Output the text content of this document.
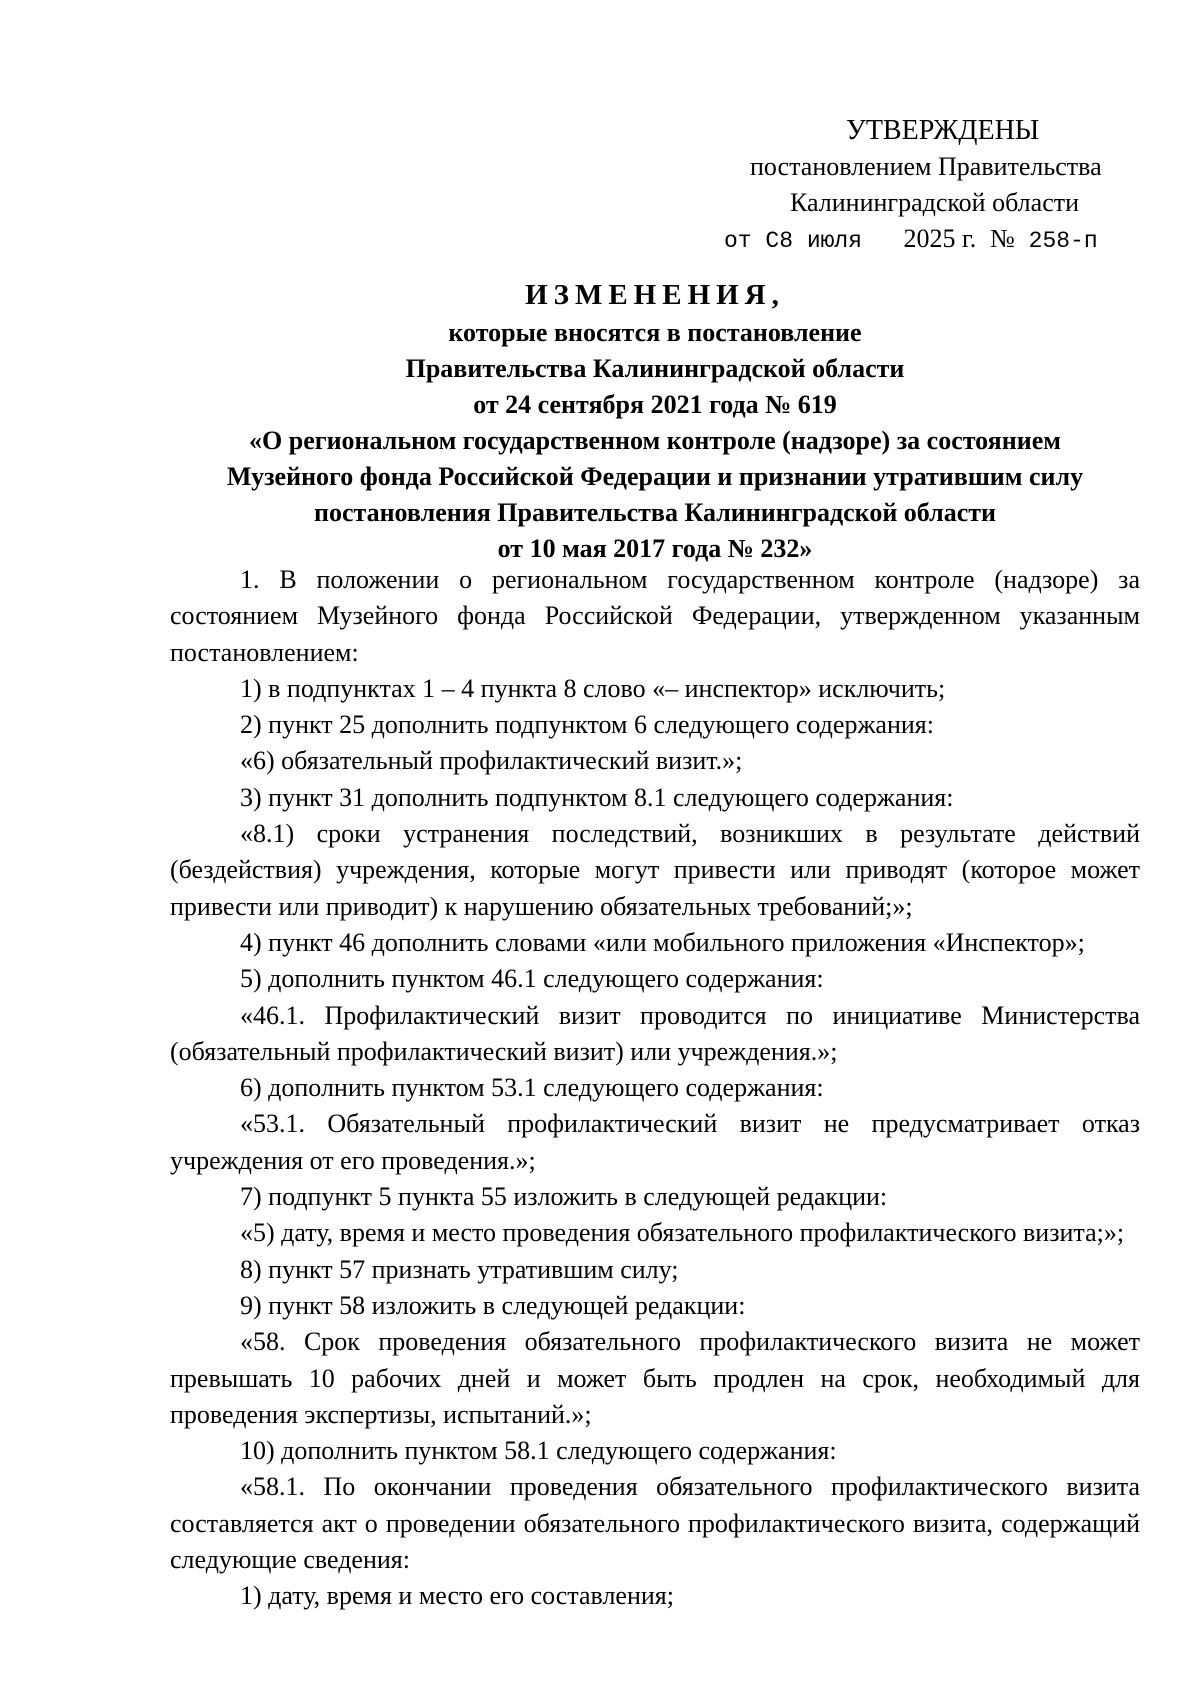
УТВЕРЖДЕНЫ
постановлением Правительства
Калининградской области
от С8 июля 2025 г. № 258-п
ИЗМЕНЕНИЯ,
которые вносятся в постановление
Правительства Калининградской области
от 24 сентября 2021 года № 619
«О региональном государственном контроле (надзоре) за состоянием
Музейного фонда Российской Федерации и признании утратившим силу
постановления Правительства Калининградской области
от 10 мая 2017 года № 232»

1. В положении о региональном государственном контроле (надзоре) за состоянием Музейного фонда Российской Федерации, утвержденном указанным постановлением:

1) в подпунктах 1 – 4 пункта 8 слово «– инспектор» исключить;

2) пункт 25 дополнить подпунктом 6 следующего содержания:

«6) обязательный профилактический визит.»;

3) пункт 31 дополнить подпунктом 8.1 следующего содержания:

«8.1) сроки устранения последствий, возникших в результате действий (бездействия) учреждения, которые могут привести или приводят (которое может привести или приводит) к нарушению обязательных требований;»;

4) пункт 46 дополнить словами «или мобильного приложения «Инспектор»;

5) дополнить пунктом 46.1 следующего содержания:

«46.1. Профилактический визит проводится по инициативе Министерства (обязательный профилактический визит) или учреждения.»;

6) дополнить пунктом 53.1 следующего содержания:

«53.1. Обязательный профилактический визит не предусматривает отказ учреждения от его проведения.»;

7) подпункт 5 пункта 55 изложить в следующей редакции:

«5) дату, время и место проведения обязательного профилактического визита;»;

8) пункт 57 признать утратившим силу;

9) пункт 58 изложить в следующей редакции:

«58. Срок проведения обязательного профилактического визита не может превышать 10 рабочих дней и может быть продлен на срок, необходимый для проведения экспертизы, испытаний.»;

10) дополнить пунктом 58.1 следующего содержания:

«58.1. По окончании проведения обязательного профилактического визита составляется акт о проведении обязательного профилактического визита, содержащий следующие сведения:

1) дату, время и место его составления;
